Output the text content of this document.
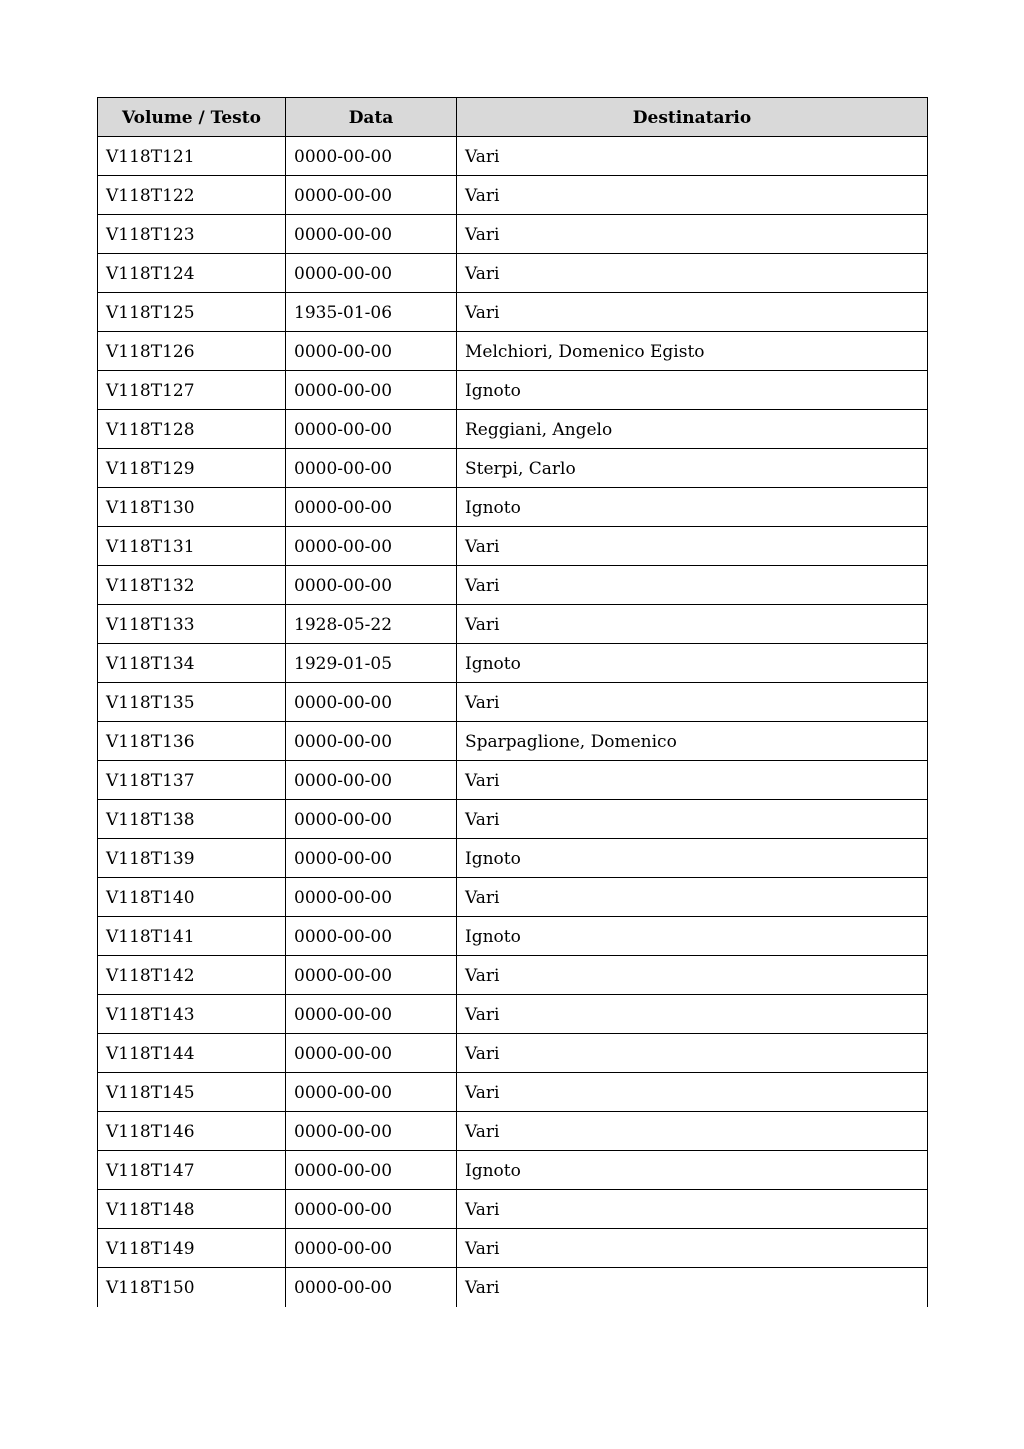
Volume / Testo	Data	Destinatario
V118T121	0000-00-00	Vari
V118T122	0000-00-00	Vari
V118T123	0000-00-00	Vari
V118T124	0000-00-00	Vari
V118T125	1935-01-06	Vari
V118T126	0000-00-00	Melchiori, Domenico Egisto
V118T127	0000-00-00	Ignoto
V118T128	0000-00-00	Reggiani, Angelo
V118T129	0000-00-00	Sterpi, Carlo
V118T130	0000-00-00	Ignoto
V118T131	0000-00-00	Vari
V118T132	0000-00-00	Vari
V118T133	1928-05-22	Vari
V118T134	1929-01-05	Ignoto
V118T135	0000-00-00	Vari
V118T136	0000-00-00	Sparpaglione, Domenico
V118T137	0000-00-00	Vari
V118T138	0000-00-00	Vari
V118T139	0000-00-00	Ignoto
V118T140	0000-00-00	Vari
V118T141	0000-00-00	Ignoto
V118T142	0000-00-00	Vari
V118T143	0000-00-00	Vari
V118T144	0000-00-00	Vari
V118T145	0000-00-00	Vari
V118T146	0000-00-00	Vari
V118T147	0000-00-00	Ignoto
V118T148	0000-00-00	Vari
V118T149	0000-00-00	Vari
V118T150	0000-00-00	Vari
